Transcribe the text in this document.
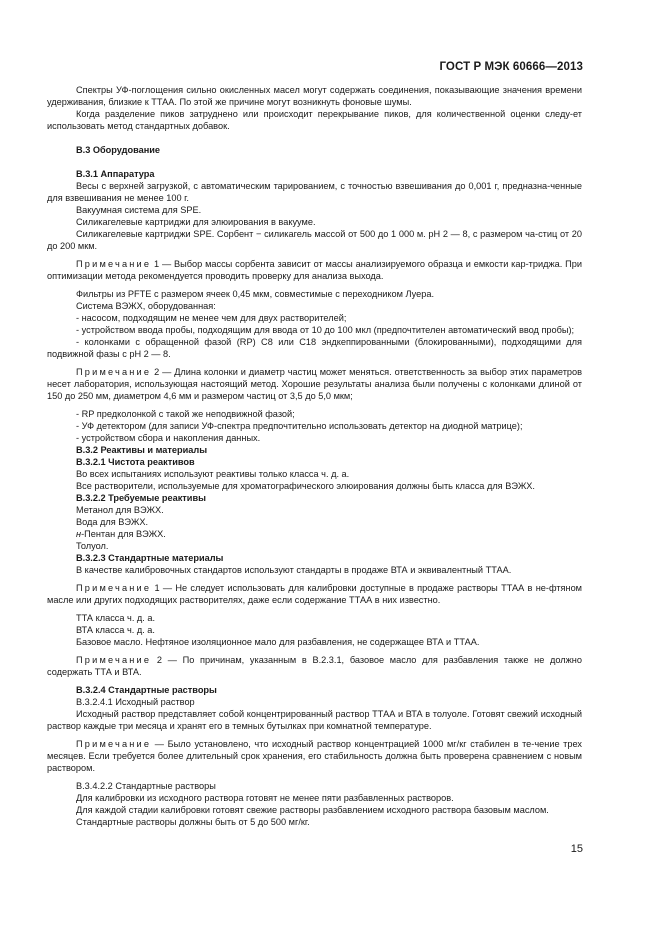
ГОСТ Р МЭК 60666—2013

Спектры УФ-поглощения сильно окисленных масел могут содержать соединения, показывающие значения времени удерживания, близкие к ТТАА. По этой же причине могут возникнуть фоновые шумы.

Когда разделение пиков затруднено или происходит перекрывание пиков, для количественной оценки следу-ет использовать метод стандартных добавок.

В.3 Оборудование

В.3.1 Аппаратура

Весы с верхней загрузкой, с автоматическим тарированием, с точностью взвешивания до 0,001 г, предназна-ченные для взвешивания не менее 100 г.

Вакуумная система для SPE.

Силикагелевые картриджи для элюирования в вакууме.

Силикагелевые картриджи SPE. Сорбент − силикагель массой от 500 до 1 000 м. pH 2 — 8, с размером ча-стиц от 20 до 200 мкм.

Примечание 1 — Выбор массы сорбента зависит от массы анализируемого образца и емкости кар-триджа. При оптимизации метода рекомендуется проводить проверку для анализа выхода.

Фильтры из PFTE с размером ячеек 0,45 мкм, совместимые с переходником Луера.

Система ВЭЖХ, оборудованная:

- насосом, подходящим не менее чем для двух растворителей;

- устройством ввода пробы, подходящим для ввода от 10 до 100 мкл (предпочтителен автоматический ввод пробы);

- колонками с обращенной фазой (RP) C8 или C18 эндкеппированными (блокированными), подходящими для подвижной фазы с pH 2 — 8.

Примечание 2 — Длина колонки и диаметр частиц может меняться. ответственность за выбор этих параметров несет лаборатория, использующая настоящий метод. Хорошие результаты анализа были получены с колонками длиной от 150 до 250 мм, диаметром 4,6 мм и размером частиц от 3,5 до 5,0 мкм;

- RP предколонкой с такой же неподвижной фазой;

- УФ детектором (для записи УФ-спектра предпочтительно использовать детектор на диодной матрице);

- устройством сбора и накопления данных.

В.3.2 Реактивы и материалы

В.3.2.1 Чистота реактивов

Во всех испытаниях используют реактивы только класса ч. д. а.

Все растворители, используемые для хроматографического элюирования должны быть класса для ВЭЖХ.

В.3.2.2 Требуемые реактивы

Метанол для ВЭЖХ.

Вода для ВЭЖХ.

н-Пентан для ВЭЖХ.

Толуол.

В.3.2.3 Стандартные материалы

В качестве калибровочных стандартов используют стандарты в продаже ВТА и эквивалентный ТТАА.

Примечание 1 — Не следует использовать для калибровки доступные в продаже растворы ТТАА в не-фтяном масле или других подходящих растворителях, даже если содержание ТТАА в них известно.

ТТА класса ч. д. а.

ВТА класса ч. д. а.

Базовое масло. Нефтяное изоляционное мало для разбавления, не содержащее ВТА и ТТАА.

Примечание 2 — По причинам, указанным в В.2.3.1, базовое масло для разбавления также не должно содержать ТТА и ВТА.

В.3.2.4 Стандартные растворы

В.3.2.4.1 Исходный раствор

Исходный раствор представляет собой концентрированный раствор ТТАА и ВТА в толуоле. Готовят свежий исходный раствор каждые три месяца и хранят его в темных бутылках при комнатной температуре.

Примечание — Было установлено, что исходный раствор концентрацией 1000 мг/кг стабилен в те-чение трех месяцев. Если требуется более длительный срок хранения, его стабильность должна быть проверена сравнением с новым раствором.

В.3.4.2.2 Стандартные растворы

Для калибровки из исходного раствора готовят не менее пяти разбавленных растворов.

Для каждой стадии калибровки готовят свежие растворы разбавлением исходного раствора базовым маслом.

Стандартные растворы должны быть от 5 до 500 мг/кг.

15
